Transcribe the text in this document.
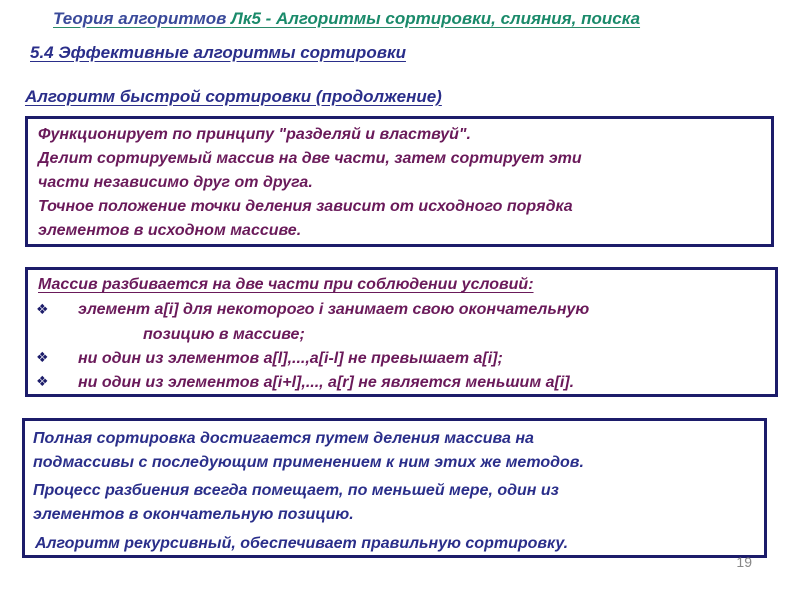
Теория алгоритмов Лк5 - Алгоритмы сортировки, слияния, поиска
5.4 Эффективные алгоритмы сортировки
Алгоритм быстрой сортировки (продолжение)
Функционирует по принципу "разделяй и властвуй".
Делит сортируемый массив на две части, затем сортирует эти
части независимо друг от друга.
Точное положение точки деления зависит от исходного порядка
элементов в исходном массиве.
Массив разбивается на две части при соблюдении условий:
❖ элемент a[i] для некоторого i занимает свою окончательную
позицию в массиве;
❖ ни один из элементов a[l],...,a[i-l] не превышает a[i];
❖ ни один из элементов a[i+l],..., a[r] не является меньшим a[i].
Полная сортировка достигается путем деления массива на
подмассивы с последующим применением к ним этих же методов.
Процесс разбиения всегда помещает, по меньшей мере, один из
элементов в окончательную позицию.
Алгоритм рекурсивный, обеспечивает правильную сортировку.
19
